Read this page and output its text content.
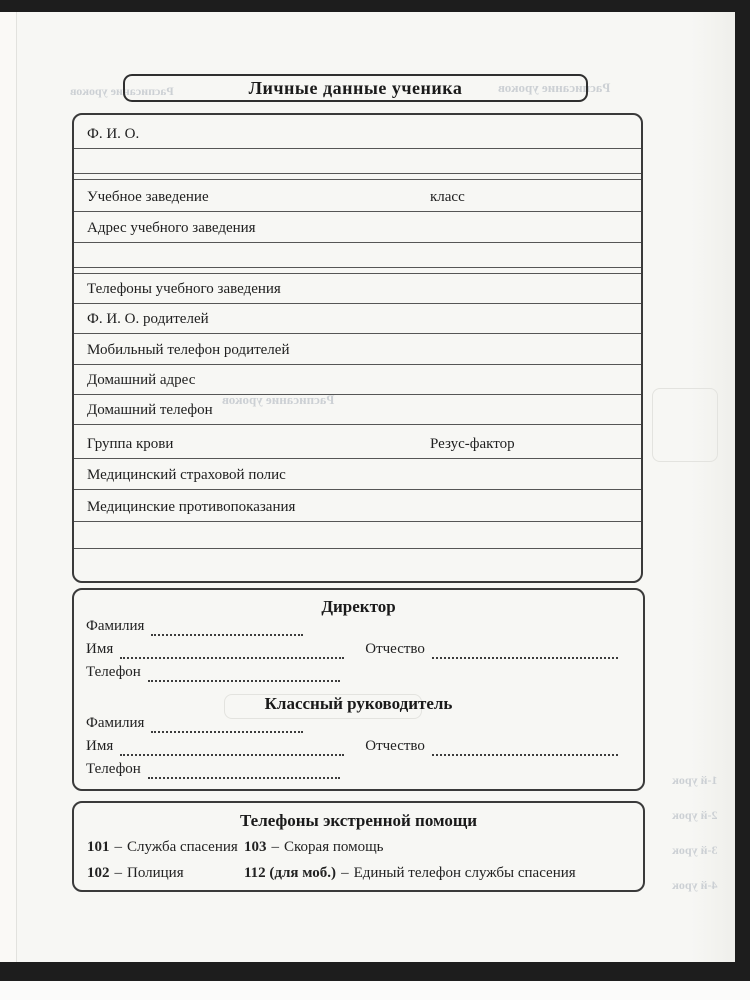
Расписание уроков	Расписание уроков
Расписание уроков
1-й урок
2-й урок
3-й урок
4-й урок
Личные данные ученика
Ф. И. О.
Учебное заведение	класс
Адрес учебного заведения
Телефоны учебного заведения
Ф. И. О. родителей
Мобильный телефон родителей
Домашний адрес
Домашний телефон
Группа крови	Резус-фактор
Медицинский страховой полис
Медицинские противопоказания
Директор
Фамилия
Имя	Отчество
Телефон
Классный руководитель
Фамилия
Имя	Отчество
Телефон
Телефоны экстренной помощи
101 – Служба спасения 103 – Скорая помощь
102 – Полиция	112 (для моб.) – Единый телефон службы спасения
